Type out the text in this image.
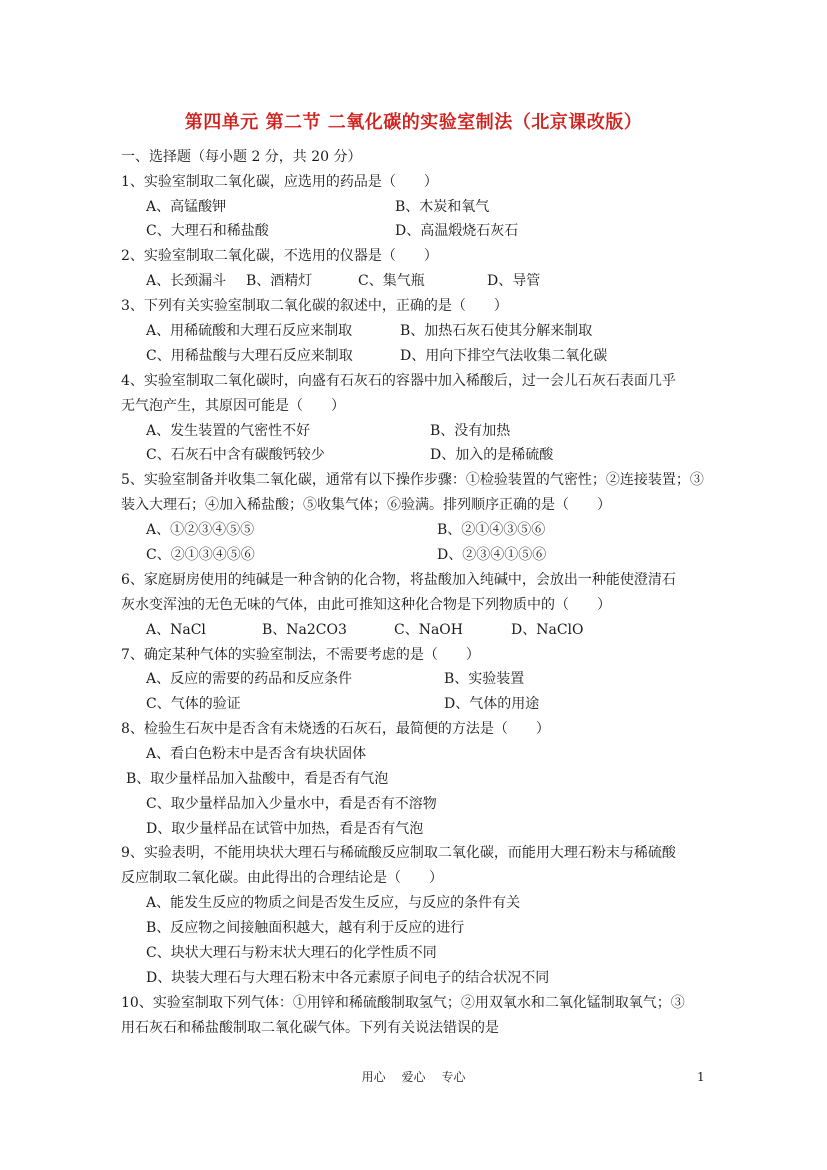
第四单元 第二节 二氧化碳的实验室制法（北京课改版）
一、选择题（每小题 2 分，共 20 分）
1、实验室制取二氧化碳，应选用的药品是（　　）
A、高锰酸钾	B、木炭和氧气
C、大理石和稀盐酸	D、高温煅烧石灰石
2、实验室制取二氧化碳，不选用的仪器是（　　）
A、长颈漏斗 B、酒精灯	C、集气瓶	D、导管
3、下列有关实验室制取二氧化碳的叙述中，正确的是（　　）
A、用稀硫酸和大理石反应来制取	B、加热石灰石使其分解来制取
C、用稀盐酸与大理石反应来制取	D、用向下排空气法收集二氧化碳
4、实验室制取二氧化碳时，向盛有石灰石的容器中加入稀酸后，过一会儿石灰石表面几乎
无气泡产生，其原因可能是（　　）
A、发生装置的气密性不好	B、没有加热
C、石灰石中含有碳酸钙较少	D、加入的是稀硫酸
5、实验室制备并收集二氧化碳，通常有以下操作步骤：①检验装置的气密性；②连接装置；③
装入大理石；④加入稀盐酸；⑤收集气体；⑥验满。排列顺序正确的是（　　）
A、①②③④⑤⑤	B、②①④③⑤⑥
C、②①③④⑤⑥	D、②③④①⑤⑥
6、家庭厨房使用的纯碱是一种含钠的化合物，将盐酸加入纯碱中，会放出一种能使澄清石
灰水变浑浊的无色无味的气体，由此可推知这种化合物是下列物质中的（　　）
A、NaCl	B、Na2CO3	C、NaOH	D、NaClO
7、确定某种气体的实验室制法，不需要考虑的是（　　）
A、反应的需要的药品和反应条件	B、实验装置
C、气体的验证	D、气体的用途
8、检验生石灰中是否含有未烧透的石灰石，最简便的方法是（　　）
A、看白色粉末中是否含有块状固体
B、取少量样品加入盐酸中，看是否有气泡
C、取少量样品加入少量水中，看是否有不溶物
D、取少量样品在试管中加热，看是否有气泡
9、实验表明，不能用块状大理石与稀硫酸反应制取二氧化碳，而能用大理石粉末与稀硫酸
反应制取二氧化碳。由此得出的合理结论是（　　）
A、能发生反应的物质之间是否发生反应，与反应的条件有关
B、反应物之间接触面积越大，越有利于反应的进行
C、块状大理石与粉末状大理石的化学性质不同
D、块装大理石与大理石粉末中各元素原子间电子的结合状况不同
10、实验室制取下列气体：①用锌和稀硫酸制取氢气；②用双氧水和二氧化锰制取氧气；③
用石灰石和稀盐酸制取二氧化碳气体。下列有关说法错误的是
用心 爱心 专心	1
